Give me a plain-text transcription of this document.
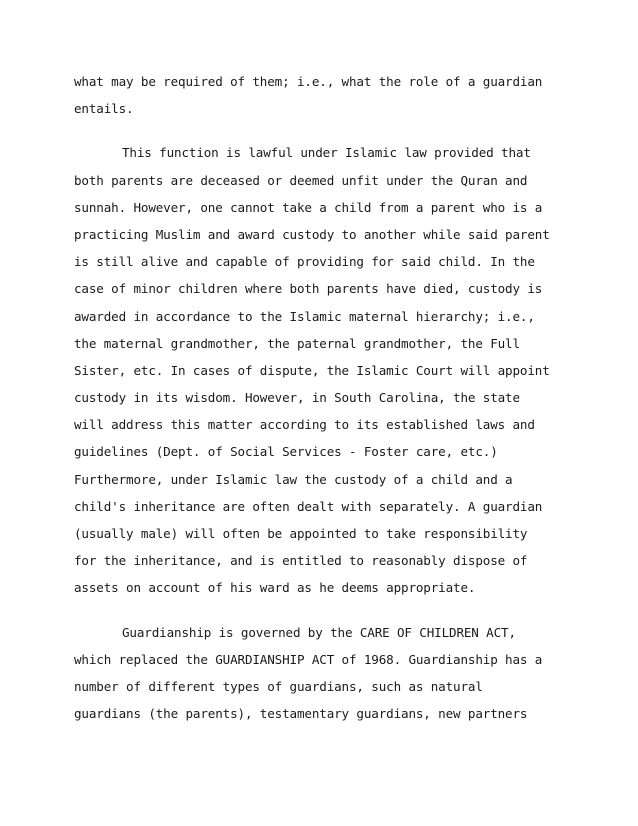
what may be required of them; i.e., what the role of a guardian
entails.
This function is lawful under Islamic law provided that
both parents are deceased or deemed unfit under the Quran and
sunnah. However, one cannot take a child from a parent who is a
practicing Muslim and award custody to another while said parent
is still alive and capable of providing for said child. In the
case of minor children where both parents have died, custody is
awarded in accordance to the Islamic maternal hierarchy; i.e.,
the maternal grandmother, the paternal grandmother, the Full
Sister, etc. In cases of dispute, the Islamic Court will appoint
custody in its wisdom. However, in South Carolina, the state
will address this matter according to its established laws and
guidelines (Dept. of Social Services - Foster care, etc.)
Furthermore, under Islamic law the custody of a child and a
child's inheritance are often dealt with separately. A guardian
(usually male) will often be appointed to take responsibility
for the inheritance, and is entitled to reasonably dispose of
assets on account of his ward as he deems appropriate.
Guardianship is governed by the CARE OF CHILDREN ACT,
which replaced the GUARDIANSHIP ACT of 1968. Guardianship has a
number of different types of guardians, such as natural
guardians (the parents), testamentary guardians, new partners
